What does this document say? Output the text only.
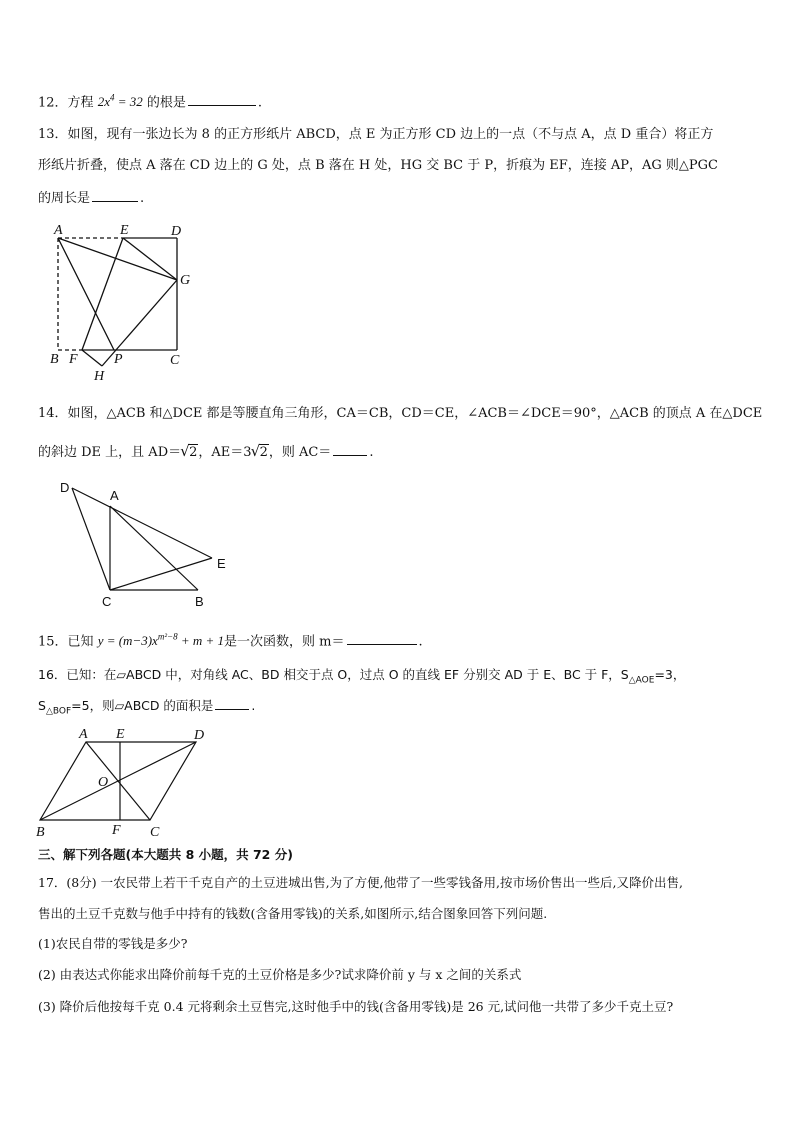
12．方程 $2x^4 = 32$ 的根是	.
13．如图，现有一张边长为 8 的正方形纸片 ABCD，点 E 为正方形 CD 边上的一点（不与点 A，点 D 重合）将正方
形纸片折叠，使点 A 落在 CD 边上的 G 处，点 B 落在 H 处，HG 交 BC 于 P，折痕为 EF，连接 AP，AG 则△PGC
的周长是	.
A	E	D
G
B F	P	C
H
14．如图，△ACB 和△DCE 都是等腰直角三角形，CA＝CB，CD＝CE，∠ACB＝∠DCE＝90°，△ACB 的顶点 A 在△DCE
的斜边 DE 上，且 AD＝ √ 2，AE＝3 √ 2，则 AC＝	.
D
A
E
C	B
15．已知 $y = (m-3)x^{m^2-8} + m + 1$是一次函数，则 m＝	.
16．已知：在▱ABCD 中，对角线 AC、BD 相交于点 O，过点 O 的直线 EF 分别交 AD 于 E、BC 于 F，$S_{\triangle AOE}=3$，
$S_{\triangle BOF}=5$，则▱ABCD 的面积是	.
A E	D
O
B	F C
三、解下列各题(本大题共 8 小题，共 72 分)
17．(8分) 一农民带上若干千克自产的土豆进城出售,为了方便,他带了一些零钱备用,按市场价售出一些后,又降价出售,
售出的土豆千克数与他手中持有的钱数(含备用零钱)的关系,如图所示,结合图象回答下列问题.
(1)农民自带的零钱是多少?
(2) 由表达式你能求出降价前每千克的土豆价格是多少?试求降价前 y 与 x 之间的关系式
(3) 降价后他按每千克 0.4 元将剩余土豆售完,这时他手中的钱(含备用零钱)是 26 元,试问他一共带了多少千克土豆?
